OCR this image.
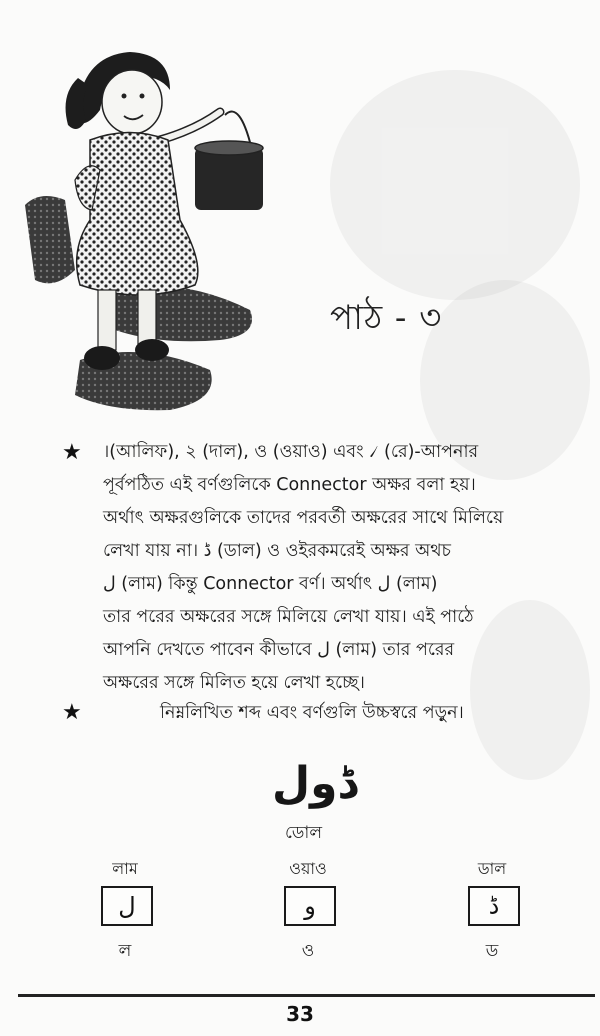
পাঠ - ৩
★ ।(আলিফ), ২ (দাল), ও (ওয়াও) এবং ৴ (রে)-আপনার
পূর্বপঠিত এই বর্ণগুলিকে Connector অক্ষর বলা হয়।
অর্থাৎ অক্ষরগুলিকে তাদের পরবর্তী অক্ষরের সাথে মিলিয়ে
লেখা যায় না। ڈ (ডাল) ও ওইরকমরেই অক্ষর অথচ
ل (লাম) কিন্তু Connector বর্ণ। অর্থাৎ ل (লাম)
তার পরের অক্ষরের সঙ্গে মিলিয়ে লেখা যায়। এই পাঠে
আপনি দেখতে পাবেন কীভাবে ل (লাম) তার পরের
অক্ষরের সঙ্গে মিলিত হয়ে লেখা হচ্ছে।
★	নিম্নলিখিত শব্দ এবং বর্ণগুলি উচ্চস্বরে পড়ুন।
ڈول
ডোল
লাম	ওয়াও	ডাল
ل	و	ڈ
ল	ও	ড
33
